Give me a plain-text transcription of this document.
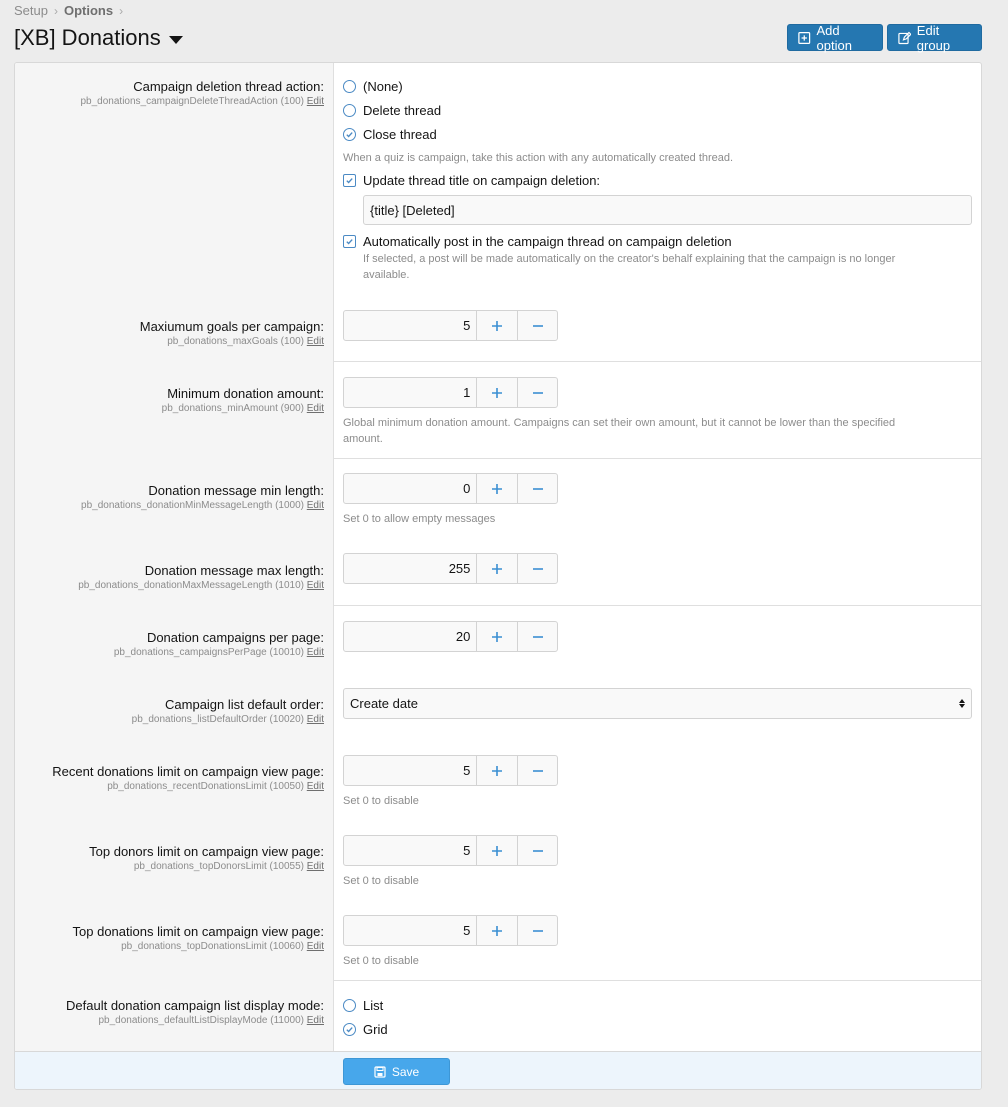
Setup › Options ›
[XB] Donations	Add option
Edit group
Campaign deletion thread action:
pb_donations_campaignDeleteThreadAction (100) Edit
(None)
Delete thread
Close thread
When a quiz is campaign, take this action with any automatically created thread.
Update thread title on campaign deletion:
{title} [Deleted]
Automatically post in the campaign thread on campaign deletion
If selected, a post will be made automatically on the creator's behalf explaining that the campaign is no longer
available.
Maxiumum goals per campaign:
pb_donations_maxGoals (100) Edit
5
Minimum donation amount:
pb_donations_minAmount (900) Edit
1
Global minimum donation amount. Campaigns can set their own amount, but it cannot be lower than the specified
amount.
Donation message min length:
pb_donations_donationMinMessageLength (1000) Edit
0
Set 0 to allow empty messages
Donation message max length:
pb_donations_donationMaxMessageLength (1010) Edit
255
Donation campaigns per page:
pb_donations_campaignsPerPage (10010) Edit
20
Campaign list default order:
pb_donations_listDefaultOrder (10020) Edit
Create date
Recent donations limit on campaign view page:
pb_donations_recentDonationsLimit (10050) Edit
5
Set 0 to disable
Top donors limit on campaign view page:
pb_donations_topDonorsLimit (10055) Edit
5
Set 0 to disable
Top donations limit on campaign view page:
pb_donations_topDonationsLimit (10060) Edit
5
Set 0 to disable
Default donation campaign list display mode:
pb_donations_defaultListDisplayMode (11000) Edit
List
Grid
Save
